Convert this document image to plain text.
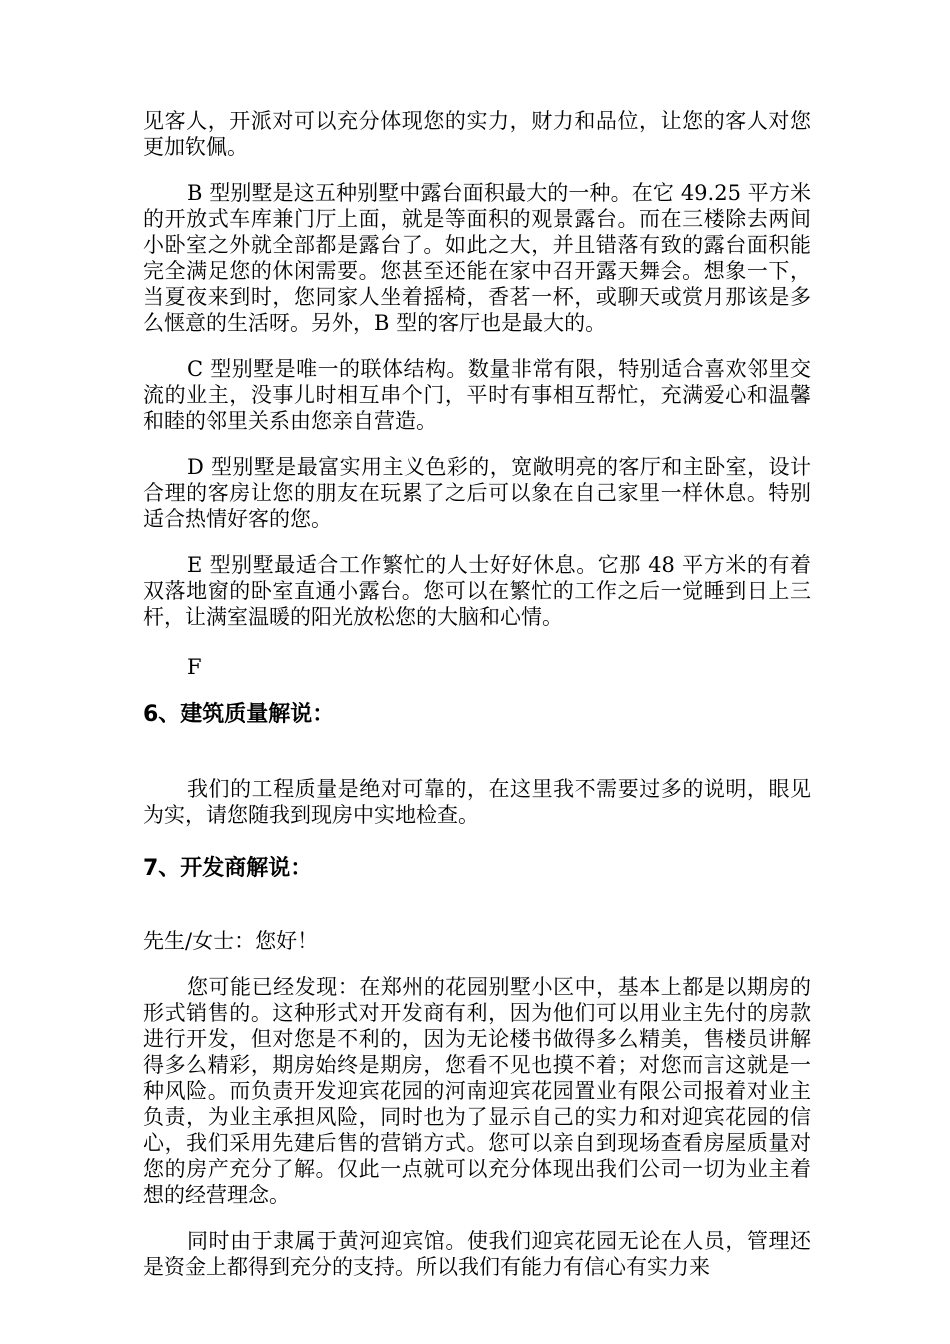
见客人，开派对可以充分体现您的实力，财力和品位，让您的客人对您更加钦佩。

B 型别墅是这五种别墅中露台面积最大的一种。在它 49.25 平方米的开放式车库兼门厅上面，就是等面积的观景露台。而在三楼除去两间小卧室之外就全部都是露台了。如此之大，并且错落有致的露台面积能完全满足您的休闲需要。您甚至还能在家中召开露天舞会。想象一下，当夏夜来到时，您同家人坐着摇椅，香茗一杯，或聊天或赏月那该是多么惬意的生活呀。另外，B 型的客厅也是最大的。

C 型别墅是唯一的联体结构。数量非常有限，特别适合喜欢邻里交流的业主，没事儿时相互串个门，平时有事相互帮忙，充满爱心和温馨和睦的邻里关系由您亲自营造。

D 型别墅是最富实用主义色彩的，宽敞明亮的客厅和主卧室，设计合理的客房让您的朋友在玩累了之后可以象在自己家里一样休息。特别适合热情好客的您。

E 型别墅最适合工作繁忙的人士好好休息。它那 48 平方米的有着双落地窗的卧室直通小露台。您可以在繁忙的工作之后一觉睡到日上三杆，让满室温暖的阳光放松您的大脑和心情。

F

6、建筑质量解说：

我们的工程质量是绝对可靠的，在这里我不需要过多的说明，眼见为实，请您随我到现房中实地检查。

7、开发商解说：

先生/女士：您好！

您可能已经发现：在郑州的花园别墅小区中，基本上都是以期房的形式销售的。这种形式对开发商有利，因为他们可以用业主先付的房款进行开发，但对您是不利的，因为无论楼书做得多么精美，售楼员讲解得多么精彩，期房始终是期房，您看不见也摸不着；对您而言这就是一种风险。而负责开发迎宾花园的河南迎宾花园置业有限公司报着对业主负责，为业主承担风险，同时也为了显示自己的实力和对迎宾花园的信心，我们采用先建后售的营销方式。您可以亲自到现场查看房屋质量对您的房产充分了解。仅此一点就可以充分体现出我们公司一切为业主着想的经营理念。

同时由于隶属于黄河迎宾馆。使我们迎宾花园无论在人员，管理还是资金上都得到充分的支持。所以我们有能力有信心有实力来
